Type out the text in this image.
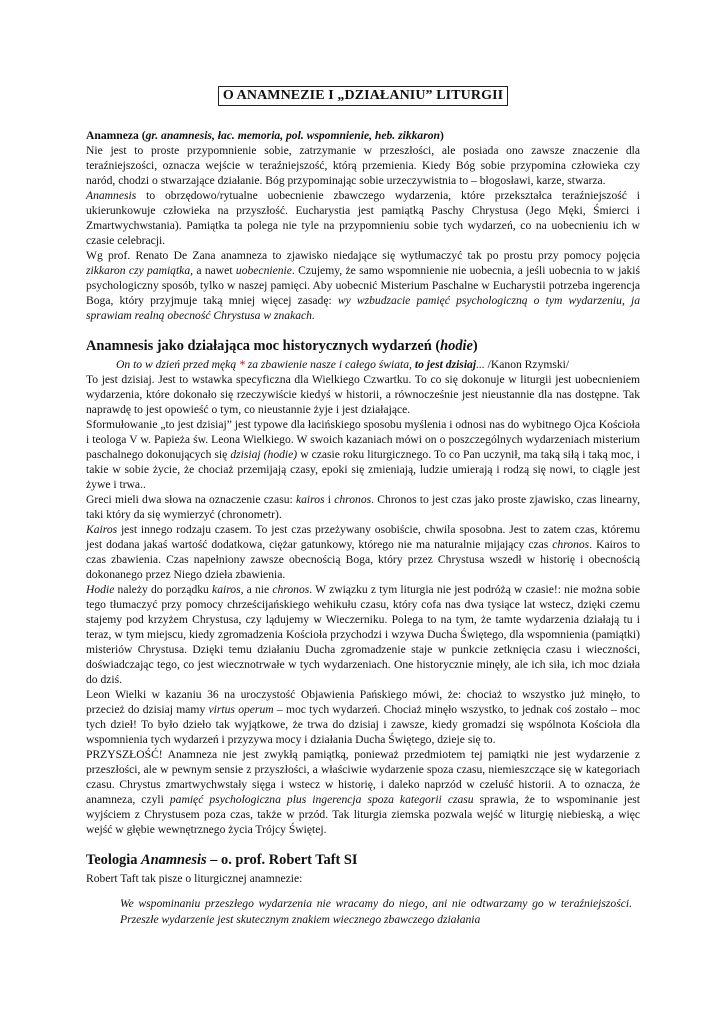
O ANAMNEZIE I „DZIAŁANIU” LITURGII

Anamneza (gr. anamnesis, łac. memoria, pol. wspomnienie, heb. zikkaron)

Nie jest to proste przypomnienie sobie, zatrzymanie w przeszłości, ale posiada ono zawsze znaczenie dla teraźniejszości, oznacza wejście w teraźniejszość, którą przemienia. Kiedy Bóg sobie przypomina człowieka czy naród, chodzi o stwarzające działanie. Bóg przypominając sobie urzeczywistnia to – błogosławi, karze, stwarza.

Anamnesis to obrzędowo/rytualne uobecnienie zbawczego wydarzenia, które przekształca teraźniejszość i ukierunkowuje człowieka na przyszłość. Eucharystia jest pamiątką Paschy Chrystusa (Jego Męki, Śmierci i Zmartwychwstania). Pamiątka ta polega nie tyle na przypomnieniu sobie tych wydarzeń, co na uobecnieniu ich w czasie celebracji.

Wg prof. Renato De Zana anamneza to zjawisko niedające się wytłumaczyć tak po prostu przy pomocy pojęcia zikkaron czy pamiątka, a nawet uobecnienie. Czujemy, że samo wspomnienie nie uobecnia, a jeśli uobecnia to w jakiś psychologiczny sposób, tylko w naszej pamięci. Aby uobecnić Misterium Paschalne w Eucharystii potrzeba ingerencja Boga, który przyjmuje taką mniej więcej zasadę: wy wzbudzacie pamięć psychologiczną o tym wydarzeniu, ja sprawiam realną obecność Chrystusa w znakach.

Anamnesis jako działająca moc historycznych wydarzeń (hodie)

On to w dzień przed męką * za zbawienie nasze i całego świata, to jest dzisiaj... /Kanon Rzymski/

To jest dzisiaj. Jest to wstawka specyficzna dla Wielkiego Czwartku. To co się dokonuje w liturgii jest uobecnieniem wydarzenia, które dokonało się rzeczywiście kiedyś w historii, a równocześnie jest nieustannie dla nas dostępne. Tak naprawdę to jest opowieść o tym, co nieustannie żyje i jest działające.

Sformułowanie „to jest dzisiaj” jest typowe dla łacińskiego sposobu myślenia i odnosi nas do wybitnego Ojca Kościoła i teologa V w. Papieża św. Leona Wielkiego. W swoich kazaniach mówi on o poszczególnych wydarzeniach misterium paschalnego dokonujących się dzisiaj (hodie) w czasie roku liturgicznego. To co Pan uczynił, ma taką siłą i taką moc, i takie w sobie życie, że chociaż przemijają czasy, epoki się zmieniają, ludzie umierają i rodzą się nowi, to ciągle jest żywe i trwa..

Greci mieli dwa słowa na oznaczenie czasu: kairos i chronos. Chronos to jest czas jako proste zjawisko, czas linearny, taki który da się wymierzyć (chronometr).

Kairos jest innego rodzaju czasem. To jest czas przeżywany osobiście, chwila sposobna. Jest to zatem czas, któremu jest dodana jakaś wartość dodatkowa, ciężar gatunkowy, którego nie ma naturalnie mijający czas chronos. Kairos to czas zbawienia. Czas napełniony zawsze obecnością Boga, który przez Chrystusa wszedł w historię i obecnością dokonanego przez Niego dzieła zbawienia.

Hodie należy do porządku kairos, a nie chronos. W związku z tym liturgia nie jest podróżą w czasie!: nie można sobie tego tłumaczyć przy pomocy chrześcijańskiego wehikułu czasu, który cofa nas dwa tysiące lat wstecz, dzięki czemu stajemy pod krzyżem Chrystusa, czy lądujemy w Wieczerniku. Polega to na tym, że tamte wydarzenia działają tu i teraz, w tym miejscu, kiedy zgromadzenia Kościoła przychodzi i wzywa Ducha Świętego, dla wspomnienia (pamiątki) misteriów Chrystusa. Dzięki temu działaniu Ducha zgromadzenie staje w punkcie zetknięcia czasu i wieczności, doświadczając tego, co jest wiecznotrwałe w tych wydarzeniach. One historycznie minęły, ale ich siła, ich moc działa do dziś.

Leon Wielki w kazaniu 36 na uroczystość Objawienia Pańskiego mówi, że: chociaż to wszystko już minęło, to przecież do dzisiaj mamy virtus operum – moc tych wydarzeń. Chociaż minęło wszystko, to jednak coś zostało – moc tych dzieł! To było dzieło tak wyjątkowe, że trwa do dzisiaj i zawsze, kiedy gromadzi się wspólnota Kościoła dla wspomnienia tych wydarzeń i przyzywa mocy i działania Ducha Świętego, dzieje się to.

PRZYSZŁOŚĆ! Anamneza nie jest zwykłą pamiątką, ponieważ przedmiotem tej pamiątki nie jest wydarzenie z przeszłości, ale w pewnym sensie z przyszłości, a właściwie wydarzenie spoza czasu, niemieszczące się w kategoriach czasu. Chrystus zmartwychwstały sięga i wstecz w historię, i daleko naprzód w czeluść historii. A to oznacza, że anamneza, czyli pamięć psychologiczna plus ingerencja spoza kategorii czasu sprawia, że to wspominanie jest wyjściem z Chrystusem poza czas, także w przód. Tak liturgia ziemska pozwala wejść w liturgię niebieską, a więc wejść w głębie wewnętrznego życia Trójcy Świętej.

Teologia Anamnesis – o. prof. Robert Taft SI

Robert Taft tak pisze o liturgicznej anamnezie:

We wspominaniu przeszłego wydarzenia nie wracamy do niego, ani nie odtwarzamy go w teraźniejszości. Przeszłe wydarzenie jest skutecznym znakiem wiecznego zbawczego działania
